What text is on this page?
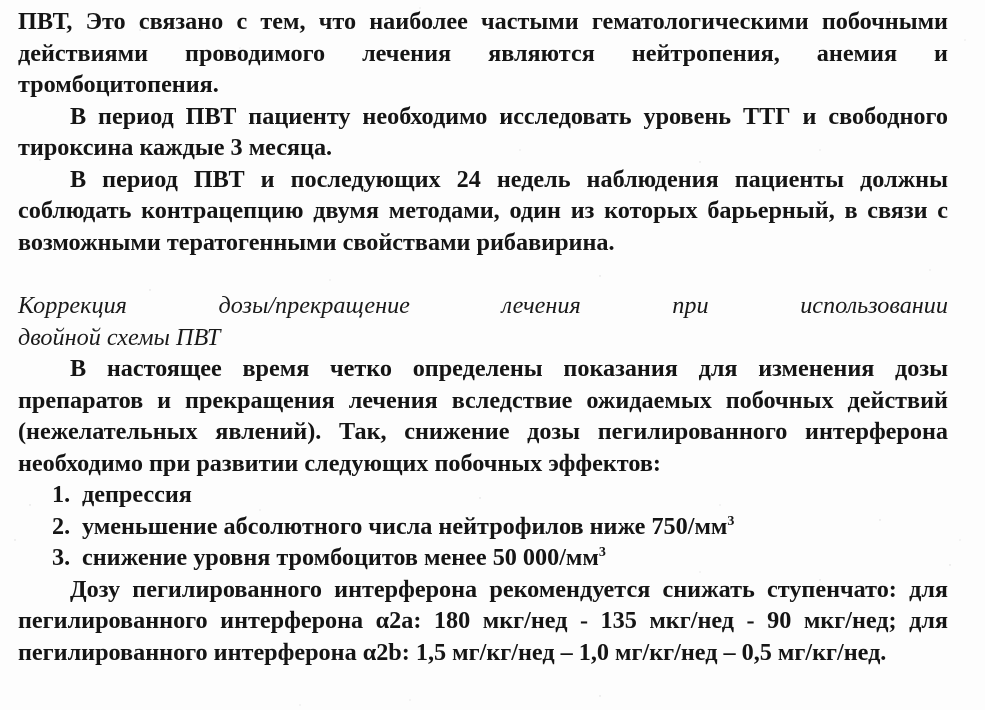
ПВТ, Это связано с тем, что наиболее частыми гематологическими побочными действиями проводимого лечения являются нейтропения, анемия и тромбоцитопения.

В период ПВТ пациенту необходимо исследовать уровень ТТГ и свободного тироксина каждые 3 месяца.

В период ПВТ и последующих 24 недель наблюдения пациенты должны соблюдать контрацепцию двумя методами, один из которых барьерный, в связи с возможными тератогенными свойствами рибавирина.

Коррекция дозы/прекращение лечения при использовании
двойной схемы ПВТ

В настоящее время четко определены показания для изменения дозы препаратов и прекращения лечения вследствие ожидаемых побочных действий (нежелательных явлений). Так, снижение дозы пегилированного интерферона необходимо при развитии следующих побочных эффектов:

1. депрессия
2. уменьшение абсолютного числа нейтрофилов ниже $750/мм^3$
3. снижение уровня тромбоцитов менее 50 $000/мм^3$

Дозу пегилированного интерферона рекомендуется снижать ступенчато: для пегилированного интерферона α2а: 180 мкг/нед - 135 мкг/нед - 90 мкг/нед; для пегилированного интерферона α2b: 1,5 мг/кг/нед – 1,0 мг/кг/нед – 0,5 мг/кг/нед.
